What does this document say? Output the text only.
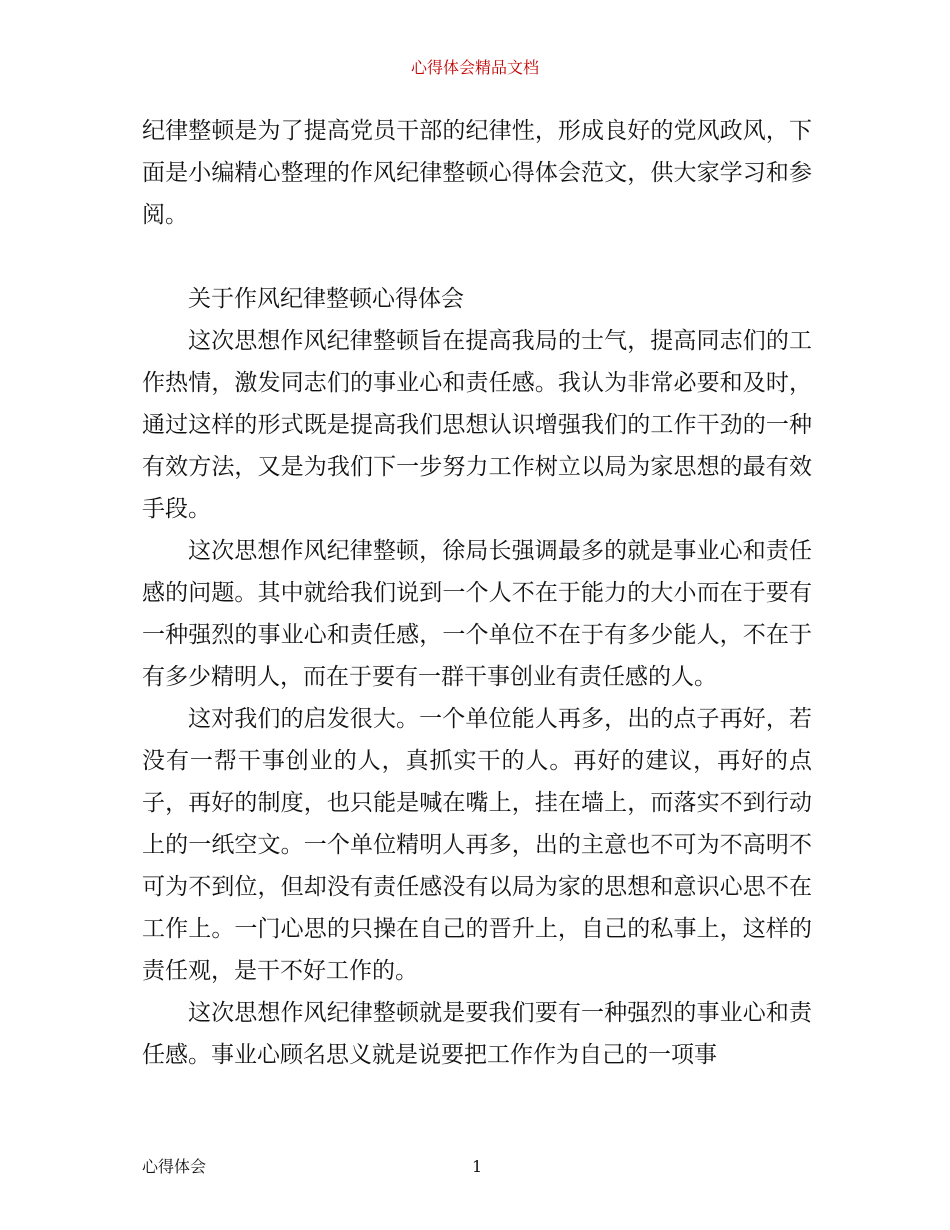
心得体会精品文档

纪律整顿是为了提高党员干部的纪律性，形成良好的党风政风，下面是小编精心整理的作风纪律整顿心得体会范文，供大家学习和参阅。

关于作风纪律整顿心得体会

这次思想作风纪律整顿旨在提高我局的士气，提高同志们的工作热情，激发同志们的事业心和责任感。我认为非常必要和及时，通过这样的形式既是提高我们思想认识增强我们的工作干劲的一种有效方法，又是为我们下一步努力工作树立以局为家思想的最有效手段。

这次思想作风纪律整顿，徐局长强调最多的就是事业心和责任感的问题。其中就给我们说到一个人不在于能力的大小而在于要有一种强烈的事业心和责任感，一个单位不在于有多少能人，不在于有多少精明人，而在于要有一群干事创业有责任感的人。

这对我们的启发很大。一个单位能人再多，出的点子再好，若没有一帮干事创业的人，真抓实干的人。再好的建议，再好的点子，再好的制度，也只能是喊在嘴上，挂在墙上，而落实不到行动上的一纸空文。一个单位精明人再多，出的主意也不可为不高明不可为不到位，但却没有责任感没有以局为家的思想和意识心思不在工作上。一门心思的只操在自己的晋升上，自己的私事上，这样的责任观，是干不好工作的。

这次思想作风纪律整顿就是要我们要有一种强烈的事业心和责任感。事业心顾名思义就是说要把工作作为自己的一项事

心得体会	1
